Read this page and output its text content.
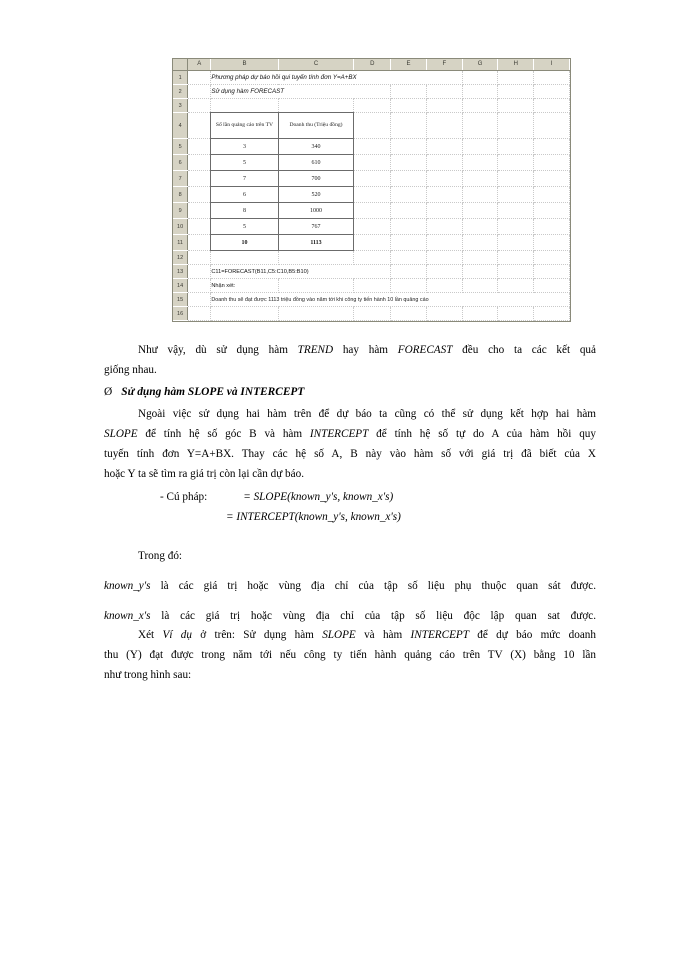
	A	B	C	D	E	F	G	H	I
1		Phương pháp dự báo hồi qui tuyến tính đơn Y=A+BX							
2		Sử dụng hàm FORECAST							
3									
4		Số lần quảng cáo trên TV	Doanh thu (Triệu đồng)						
5		3	340						
6		5	610						
7		7	700						
8		6	520						
9		8	1000						
10		5	767						
11		10	1113						
12									
13		C11=FORECAST(B11,C5:C10,B5:B10)							
14		Nhận xét:							
15		Doanh thu sẽ đạt được 1113 triệu đồng vào năm tới khi công ty tiến hành 10 lần quảng cáo							
16									
Như vậy, dù sử dụng hàm TREND hay hàm FORECAST đều cho ta các kết quả
giống nhau.
Ø Sử dụng hàm SLOPE và INTERCEPT
Ngoài việc sử dụng hai hàm trên để dự báo ta cũng có thể sử dụng kết hợp hai hàm
SLOPE để tính hệ số góc B và hàm INTERCEPT để tính hệ số tự do A của hàm hồi quy
tuyến tính đơn Y=A+BX. Thay các hệ số A, B này vào hàm số với giá trị đã biết của X
hoặc Y ta sẽ tìm ra giá trị còn lại cần dự báo.
- Cú pháp:	= SLOPE(known_y's, known_x's)
= INTERCEPT(known_y's, known_x's)
Trong đó:
known_y's là các giá trị hoặc vùng địa chỉ của tập số liệu phụ thuộc quan sát được.
known_x's là các giá trị hoặc vùng địa chỉ của tập số liệu độc lập quan sat được.
Xét Ví dụ ở trên: Sử dụng hàm SLOPE và hàm INTERCEPT để dự báo mức doanh
thu (Y) đạt được trong năm tới nếu công ty tiến hành quảng cáo trên TV (X) bằng 10 lần
như trong hình sau:
